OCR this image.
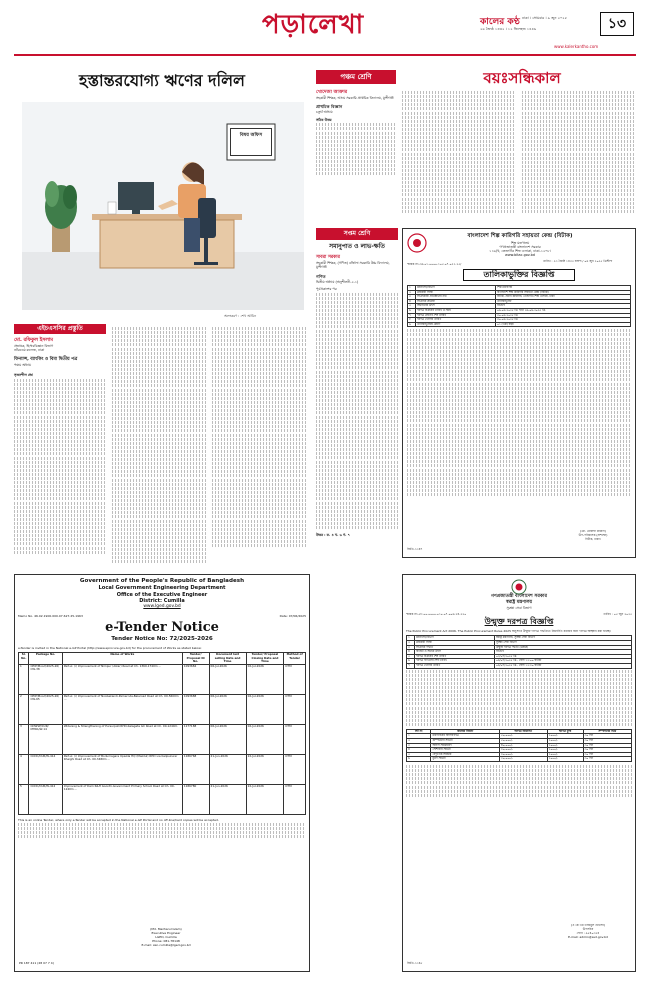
পড়ালেখা	কালের কণ্ঠ ঢাকা । সোমবার । ৯ জুন ২০২৫
২৬ জ্যৈষ্ঠ ১৪৩২ । ১২ জিলহজ ১৪৪৬	১৩
www.kalerkantho.com
হস্তান্তরযোগ্য ঋণের দলিল
বিষয় অফিস
অলংকরণ : শেখ আমিন
এইচএসসির প্রস্তুতি
মো. রফিকুল ইসলাম
প্রভাষক, হিসাববিজ্ঞান বিভাগ
নটরডেম কলেজ, ঢাকা
ফিন্যান্স, ব্যাংকিং ও বিমা দ্বিতীয় পত্র
পঞ্চম অধ্যায়
সৃজনশীল প্রশ্ন
পঞ্চম শ্রেণি	বয়ঃসন্ধিকাল
খোদেজা আক্তার
সহকারী শিক্ষক, আদম সরকারি প্রাথমিক বিদ্যালয়, মুন্সীগঞ্জ
প্রাথমিক বিজ্ঞান
চতুর্থ অধ্যায়
সঠিক উত্তর
সপ্তম শ্রেণি
সমানুপাত ও লাভ-ক্ষতি
সাবরা সরকার
সহকারী শিক্ষক, (গণিত) বর্জিলা সরকারি উচ্চ বিদ্যালয়, মুন্সীগঞ্জ
গণিত
দ্বিতীয় অধ্যায় (অনুশীলনী-২.১)
পূর্বপ্রকাশের পর
উত্তর : ক. ৪ খ. ৬ গ. ৭
বাংলাদেশ শিল্প কারিগরি সহায়তা কেন্দ্র (বিটাক)
শিল্প মন্ত্রণালয়
গণপ্রজাতন্ত্রী বাংলাদেশ সরকার
১১৬/খ, তেজগাঁও শিল্প এলাকা, ঢাকা-১২০৮।
www.bitac.gov.bd
স্মারক নং-৩৬.০১.০০০০.১০৫.০৭.০২১.২৫/
তারিখ : ২৩ জ্যৈষ্ঠ ১৪৩২ বঙ্গাব্দ / ০৬ জুন ২০২৫ খ্রিস্টাব্দ
তালিকাভুক্তির বিজ্ঞপ্তি
১	মন্ত্রণালয়/বিভাগ	শিল্প মন্ত্রণালয়
২	ক্রয়কারী সংস্থা	বাংলাদেশ শিল্প কারিগরি সহায়তা কেন্দ্র (বিটাক)
৩	সংগ্রহকারী প্রতিষ্ঠানের নাম	বিটাক, প্রধান কার্যালয়, তেজগাঁও শিল্প এলাকা, ঢাকা
৪	সংগ্রহের প্রক্রিয়া	তালিকাভুক্তি
৫	অর্থায়নের উৎস	জিওবি
৬	দরপত্র বিক্রয়ের তারিখ ও সময়	০৯-০৬-২০২৫ খ্রি. হতে ২৯-০৬-২০২৫ খ্রি.
৭	দরপত্র গ্রহণের শেষ তারিখ	৩০-০৬-২০২৫ খ্রি.
৮	দরপত্র খোলার তারিখ	৩০-০৬-২০২৫ খ্রি.
৯	তালিকাভুক্তির মেয়াদ	০১ (এক) বছর
(মো. মোস্তফা কামাল)
উপ-পরিচালক (প্রশাসন)
বিটাক, ঢাকা।
জিডি-১৩৪৭
Government of the People's Republic of Bangladesh
Local Government Engineering Department
Office of the Executive Engineer
District: Cumilla
www.lged.gov.bd
Memo No. 46.02.1900.000.07.627.25-1963	Date: 07/06/2025
e-Tender Notice
Tender Notice No: 72/2025-2026
e-Tender is invited in the National e-GP Portal (http://www.eprocure.gov.bd) for the procurement of Works as stated below:
Sl. No.	Package No.	Name of Works	Tender/ Proposal ID No.	Document last selling Date and Time	Tender/ Proposal Closing Date and Time	Method of Tender
1	CEIP(Mood)2025-26/ CW-38	Part-A: (i) Improvement of Nimpur (Alkar) Road at Ch. 1360-1740m ...	1093684	06-Jul-2026	02-Jul-2026	OTM
2	CEIP(Mood)2025-26/ CW-65	Part-A: (i) Improvement of Noobakandi-Pemernda-Balaroad Road at Ch. 00-5600m ...	1093688	06-Jul-2026	02-Jul-2026	OTM
3	CDWSP/CUR/ MHRA/W-14	Widening & Strengthening of Pursurpati RHD-Kalagata GC Road at Ch. 00-1240m ...	1177188	06-Jul-2026	02-Jul-2026	OTM
4	CCDC/CUR/W-414	Part-A: (i) Improvement of Bodumagara Upazila HQ (Mazdul) RHD via Kalipukurer Khaighi Road at Ch. 00-3480m ...	1186768	21-Jun-2026	22-Jul-2026	OTM
5	CCDC/CUR/W-412	Improvement of Dam R&H Goontli-Government Primary School Road at Ch. 00-1240m ...	1186780	21-Jun-2026	22-Jul-2026	OTM
This is an online Tender, where only e-Tender will be accepted in the National e-GP Portal and no off-line/hard copies will be accepted.
(Md. Mazharul Islam)
Executive Engineer
LGED, Cumilla
Phone: 081-78148
E-mail: xen.cumilla@lged.gov.bd
PR 187 411 (28 07 7 4)
গণপ্রজাতন্ত্রী বাংলাদেশ সরকার
স্বরাষ্ট্র মন্ত্রণালয়
সুরক্ষা সেবা বিভাগ
স্মারক নং-৫৮.০০.০০০০.০১০.০৭.০০৬.২৪-২২০	তারিখ : ০৫ জুন ২০২৫
উন্মুক্ত দরপত্র বিজ্ঞপ্তি
The Public Procurement Act 2006. The Public Procurement Rules 2025 অনুসারে উন্মুক্ত দরপত্র পদ্ধতিতে নিম্নবর্ণিত কাজের জন্য দরপত্র আহ্বান করা যাচ্ছে।
১	মন্ত্রণালয়/বিভাগ	স্বরাষ্ট্র মন্ত্রণালয়, সুরক্ষা সেবা বিভাগ
২	ক্রয়কারী সংস্থা	সুরক্ষা সেবা বিভাগ
৩	সংগ্রহের পদ্ধতি	উন্মুক্ত দরপত্র পদ্ধতি (OTM)
৪	বাজেট ও অর্থের উৎস	জিওবি
৫	দরপত্র বিক্রয়ের শেষ তারিখ	০৩/০৭/২০২৫ খ্রি.
৬	দরপত্র দাখিলের শেষ তারিখ	০৬/০৭/২০২৫ খ্রি., বেলা ১২:০০ ঘটিকা
৭	দরপত্র খোলার তারিখ	০৬/০৭/২০২৫ খ্রি., বেলা ১২:৩০ ঘটিকা
লট নং	কাজের বিবরণ	দরপত্র জামানত	দরপত্র মূল্য	সম্পাদনের সময়
১	মন্ত্রণালয়ের আসবাবপত্র	৫০,০০০/-	১০০০/-	৩০ দিন
২	কম্পিউটার সামগ্রী	৫০,০০০/-	১০০০/-	৩০ দিন
৩	অফিস সরঞ্জামাদি	৪০,০০০/-	১০০০/-	৩০ দিন
৪	স্টেশনারি সামগ্রী	৩০,০০০/-	১০০০/-	৩০ দিন
৫	বৈদ্যুতিক সরঞ্জাম	৩০,০০০/-	১০০০/-	৩০ দিন
৬	মুদ্রণ সামগ্রী	২০,০০০/-	১০০০/-	৩০ দিন
(এ কে এম তাজমুল হোসেন)
উপসচিব
ফোন : ৯৫৪০৩২৪
E-mail: admin@ssd.gov.bd
জিডি-১৩৪৫
